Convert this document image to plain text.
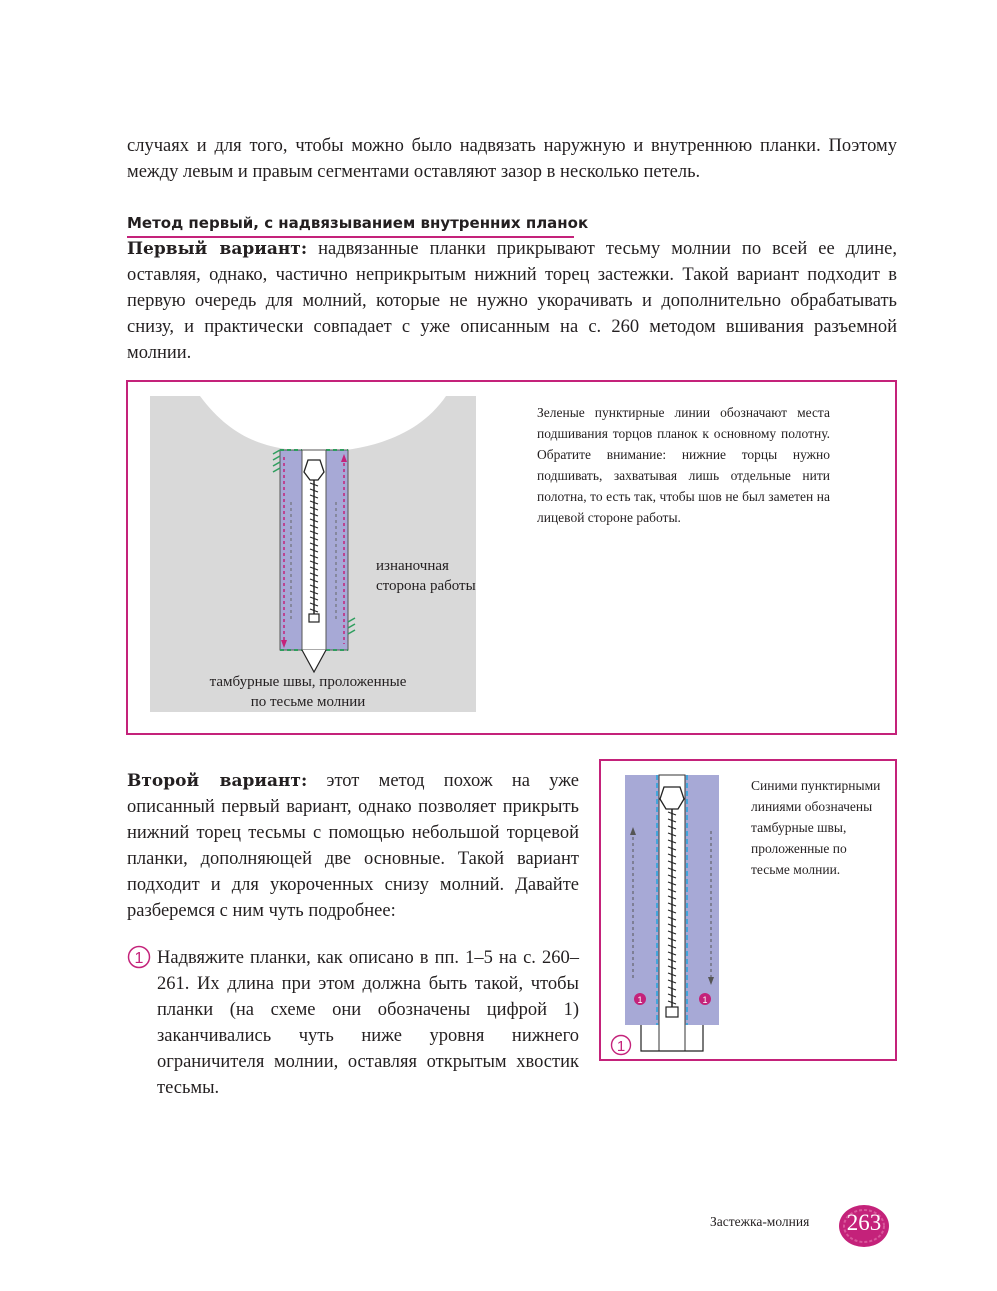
случаях и для того, чтобы можно было надвязать наружную и внутреннюю планки. Поэтому между левым и правым сегментами оставляют зазор в несколько петель.

Метод первый, с надвязыванием внутренних планок

Первый вариант: надвязанные планки прикрывают тесьму молнии по всей ее длине, оставляя, однако, частично неприкрытым нижний торец застежки. Такой вариант подходит в первую очередь для молний, которые не нужно укорачивать и дополнительно обрабатывать снизу, и практически совпадает с уже описанным на с. 260 методом вшивания разъемной молнии.

изнаночная
сторона работы

тамбурные швы, проложенные
по тесьме молнии

Зеленые пунктирные линии обозначают места подшивания торцов планок к основному полотну. Обратите внимание: нижние торцы нужно подшивать, захватывая лишь отдельные нити полотна, то есть так, чтобы шов не был заметен на лицевой стороне работы.

Второй вариант: этот метод похож на уже описанный первый вариант, однако позволяет прикрыть нижний торец тесьмы с помощью небольшой торцевой планки, дополняющей две основные. Такой вариант подходит и для укороченных снизу молний. Давайте разберемся с ним чуть подробнее:

1 Надвяжите планки, как описано в пп. 1–5 на с. 260–261. Их длина при этом должна быть такой, чтобы планки (на схеме они обозначены цифрой 1) заканчивались чуть ниже уровня нижнего ограничителя молнии, оставляя открытым хвостик тесьмы.

1	1
1

Синими пунктирными линиями обозначены тамбурные швы, проложенные по тесьме молнии.

Застежка-молния	263
